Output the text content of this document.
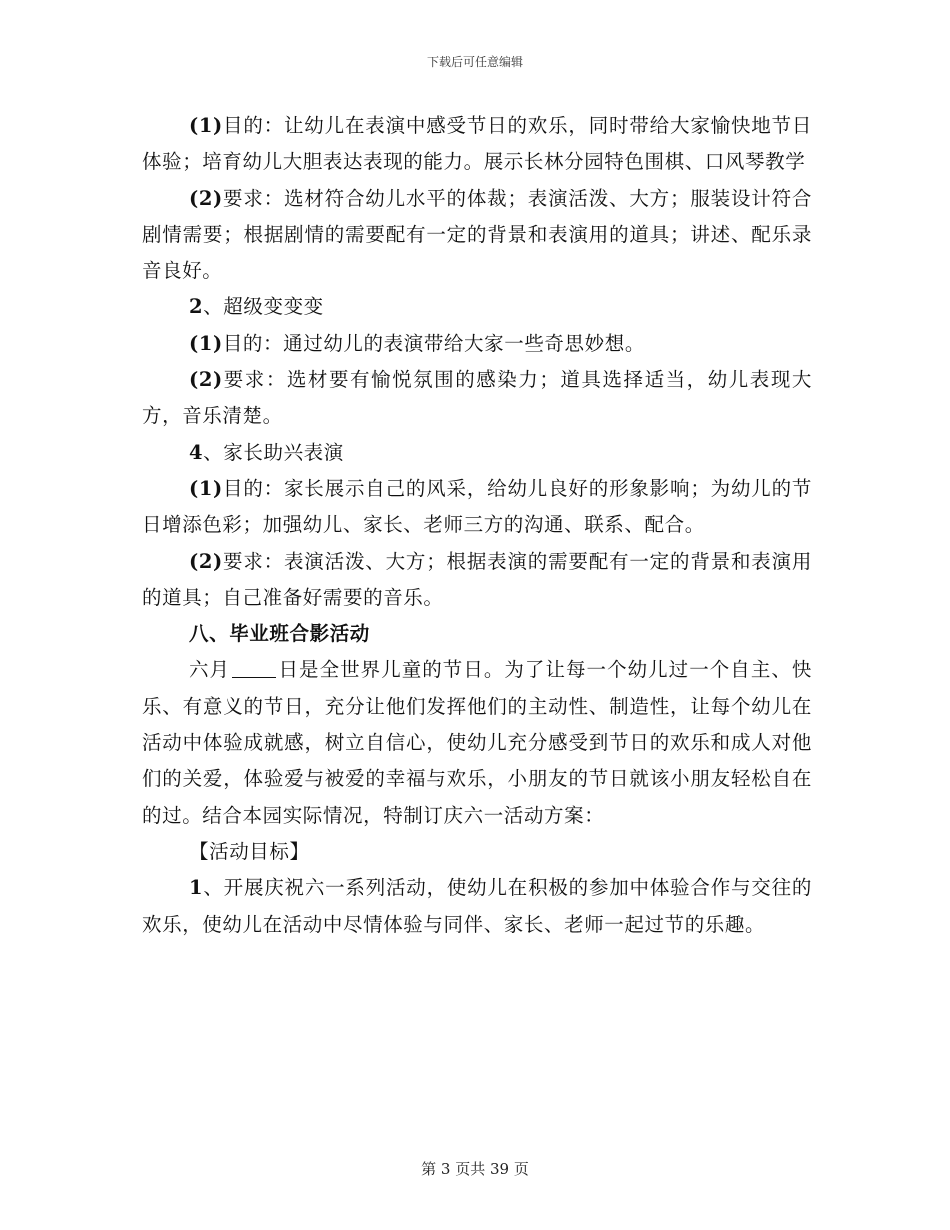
下载后可任意编辑

(1)目的：让幼儿在表演中感受节日的欢乐，同时带给大家愉快地节日体验；培育幼儿大胆表达表现的能力。展示长林分园特色围棋、口风琴教学

(2)要求：选材符合幼儿水平的体裁；表演活泼、大方；服装设计符合剧情需要；根据剧情的需要配有一定的背景和表演用的道具；讲述、配乐录音良好。

2、超级变变变

(1)目的：通过幼儿的表演带给大家一些奇思妙想。

(2)要求：选材要有愉悦氛围的感染力；道具选择适当，幼儿表现大方，音乐清楚。

4、家长助兴表演

(1)目的：家长展示自己的风采，给幼儿良好的形象影响；为幼儿的节日增添色彩；加强幼儿、家长、老师三方的沟通、联系、配合。

(2)要求：表演活泼、大方；根据表演的需要配有一定的背景和表演用的道具；自己准备好需要的音乐。

八、毕业班合影活动

六月 日是全世界儿童的节日。为了让每一个幼儿过一个自主、快乐、有意义的节日，充分让他们发挥他们的主动性、制造性，让每个幼儿在活动中体验成就感，树立自信心，使幼儿充分感受到节日的欢乐和成人对他们的关爱，体验爱与被爱的幸福与欢乐，小朋友的节日就该小朋友轻松自在的过。结合本园实际情况，特制订庆六一活动方案：

【活动目标】

1、开展庆祝六一系列活动，使幼儿在积极的参加中体验合作与交往的欢乐，使幼儿在活动中尽情体验与同伴、家长、老师一起过节的乐趣。

第 3 页共 39 页
